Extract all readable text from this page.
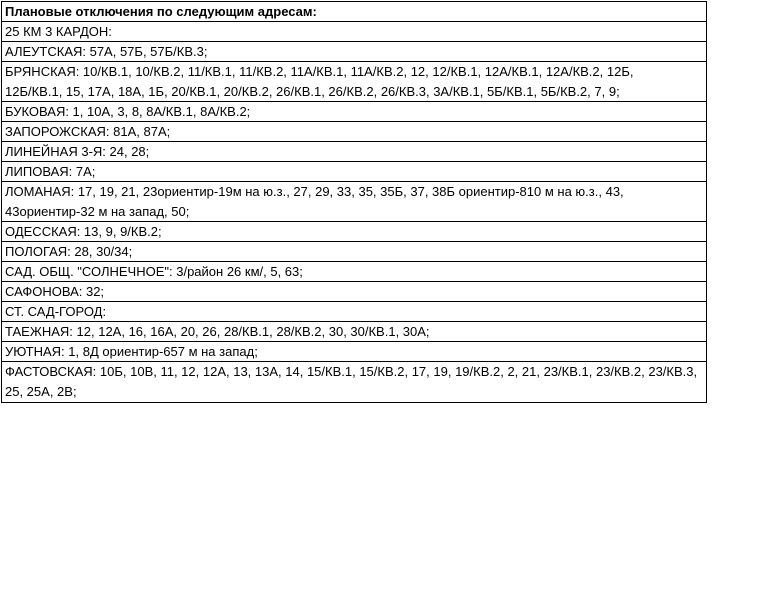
Плановые отключения по следующим адресам:
25 КМ 3 КАРДОН:
АЛЕУТСКАЯ: 57А, 57Б, 57Б/КВ.3;
БРЯНСКАЯ: 10/КВ.1, 10/КВ.2, 11/КВ.1, 11/КВ.2, 11А/КВ.1, 11А/КВ.2, 12, 12/КВ.1, 12А/КВ.1, 12А/КВ.2, 12Б,
12Б/КВ.1, 15, 17А, 18А, 1Б, 20/КВ.1, 20/КВ.2, 26/КВ.1, 26/КВ.2, 26/КВ.3, 3А/КВ.1, 5Б/КВ.1, 5Б/КВ.2, 7, 9;
БУКОВАЯ: 1, 10А, 3, 8, 8А/КВ.1, 8А/КВ.2;
ЗАПОРОЖСКАЯ: 81А, 87А;
ЛИНЕЙНАЯ 3-Я: 24, 28;
ЛИПОВАЯ: 7А;
ЛОМАНАЯ: 17, 19, 21, 23ориентир-19м на ю.з., 27, 29, 33, 35, 35Б, 37, 38Б ориентир-810 м на ю.з., 43,
43ориентир-32 м на запад, 50;
ОДЕССКАЯ: 13, 9, 9/КВ.2;
ПОЛОГАЯ: 28, 30/34;
САД. ОБЩ. "СОЛНЕЧНОЕ": 3/район 26 км/, 5, 63;
САФОНОВА: 32;
СТ. САД-ГОРОД:
ТАЕЖНАЯ: 12, 12А, 16, 16А, 20, 26, 28/КВ.1, 28/КВ.2, 30, 30/КВ.1, 30А;
УЮТНАЯ: 1, 8Д ориентир-657 м на запад;
ФАСТОВСКАЯ: 10Б, 10В, 11, 12, 12А, 13, 13А, 14, 15/КВ.1, 15/КВ.2, 17, 19, 19/КВ.2, 2, 21, 23/КВ.1, 23/КВ.2, 23/КВ.3,
25, 25А, 2В;
